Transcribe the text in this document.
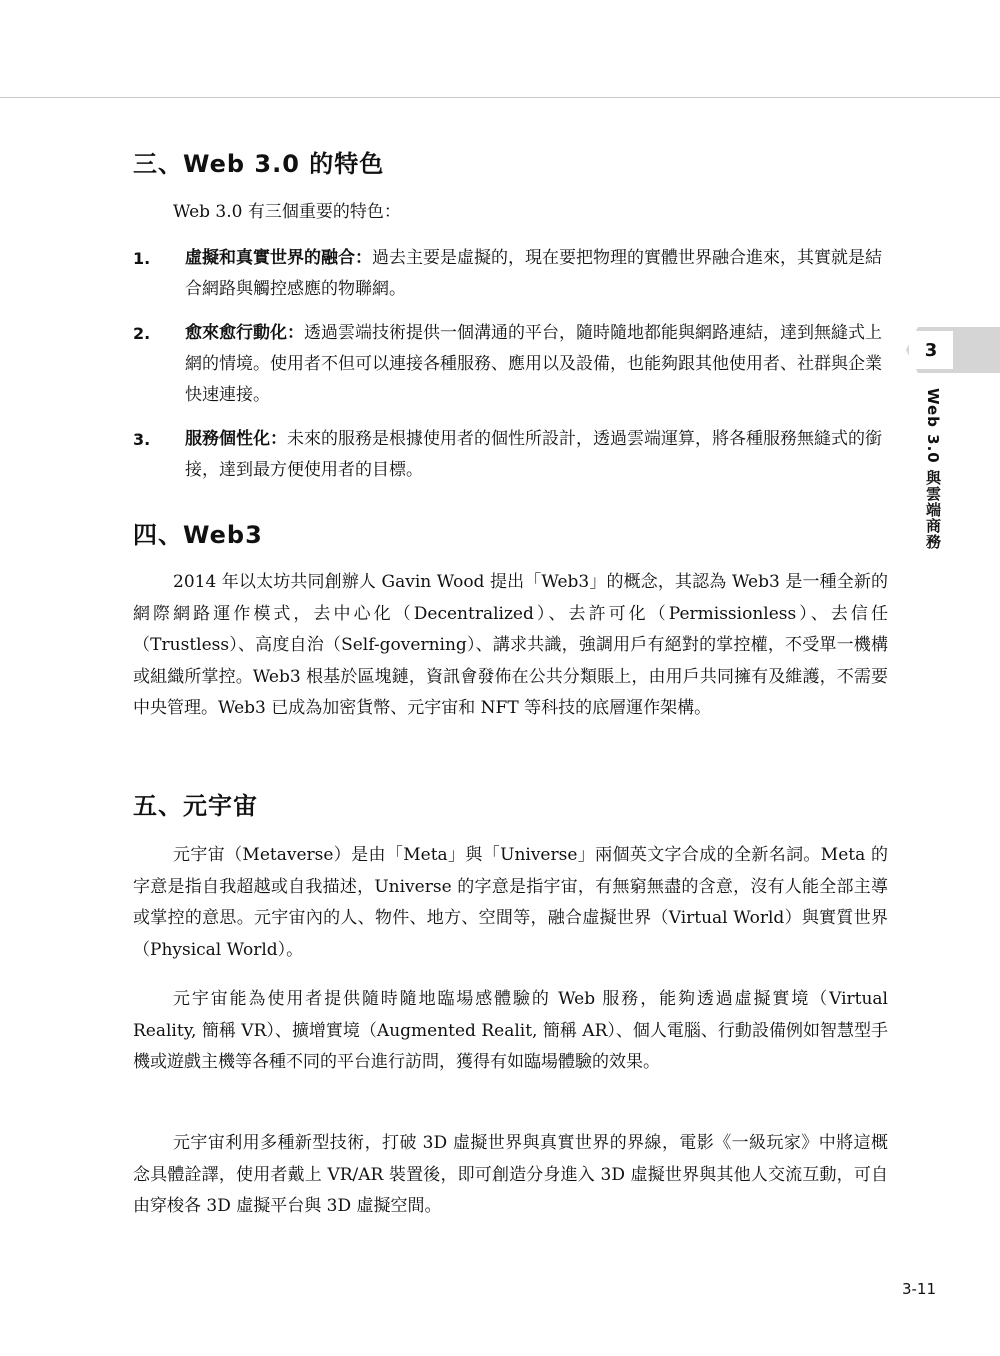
三、Web 3.0 的特色

Web 3.0 有三個重要的特色：

1.	虛擬和真實世界的融合：過去主要是虛擬的，現在要把物理的實體世界融合進來，其實就是結合網路與觸控感應的物聯網。

2.	愈來愈行動化：透過雲端技術提供一個溝通的平台，隨時隨地都能與網路連結，達到無縫式上網的情境。使用者不但可以連接各種服務、應用以及設備，也能夠跟其他使用者、社群與企業快速連接。

3.	服務個性化：未來的服務是根據使用者的個性所設計，透過雲端運算，將各種服務無縫式的銜接，達到最方便使用者的目標。

四、Web3

2014 年以太坊共同創辦人 Gavin Wood 提出「Web3」的概念，其認為 Web3 是一種全新的網際網路運作模式，去中心化（Decentralized）、去許可化（Permissionless）、去信任（Trustless）、高度自治（Self-governing）、講求共識，強調用戶有絕對的掌控權，不受單一機構或組織所掌控。Web3 根基於區塊鏈，資訊會發佈在公共分類賬上，由用戶共同擁有及維護，不需要中央管理。Web3 已成為加密貨幣、元宇宙和 NFT 等科技的底層運作架構。

五、元宇宙

元宇宙（Metaverse）是由「Meta」與「Universe」兩個英文字合成的全新名詞。Meta 的字意是指自我超越或自我描述，Universe 的字意是指宇宙，有無窮無盡的含意，沒有人能全部主導或掌控的意思。元宇宙內的人、物件、地方、空間等，融合虛擬世界（Virtual World）與實質世界（Physical World）。

元宇宙能為使用者提供隨時隨地臨場感體驗的 Web 服務，能夠透過虛擬實境（Virtual Reality, 簡稱 VR）、擴增實境（Augmented Realit, 簡稱 AR）、個人電腦、行動設備例如智慧型手機或遊戲主機等各種不同的平台進行訪問，獲得有如臨場體驗的效果。

元宇宙利用多種新型技術，打破 3D 虛擬世界與真實世界的界線，電影《一級玩家》中將這概念具體詮譯，使用者戴上 VR/AR 裝置後，即可創造分身進入 3D 虛擬世界與其他人交流互動，可自由穿梭各 3D 虛擬平台與 3D 虛擬空間。

3
Web 3.0 與雲端商務
3-11
